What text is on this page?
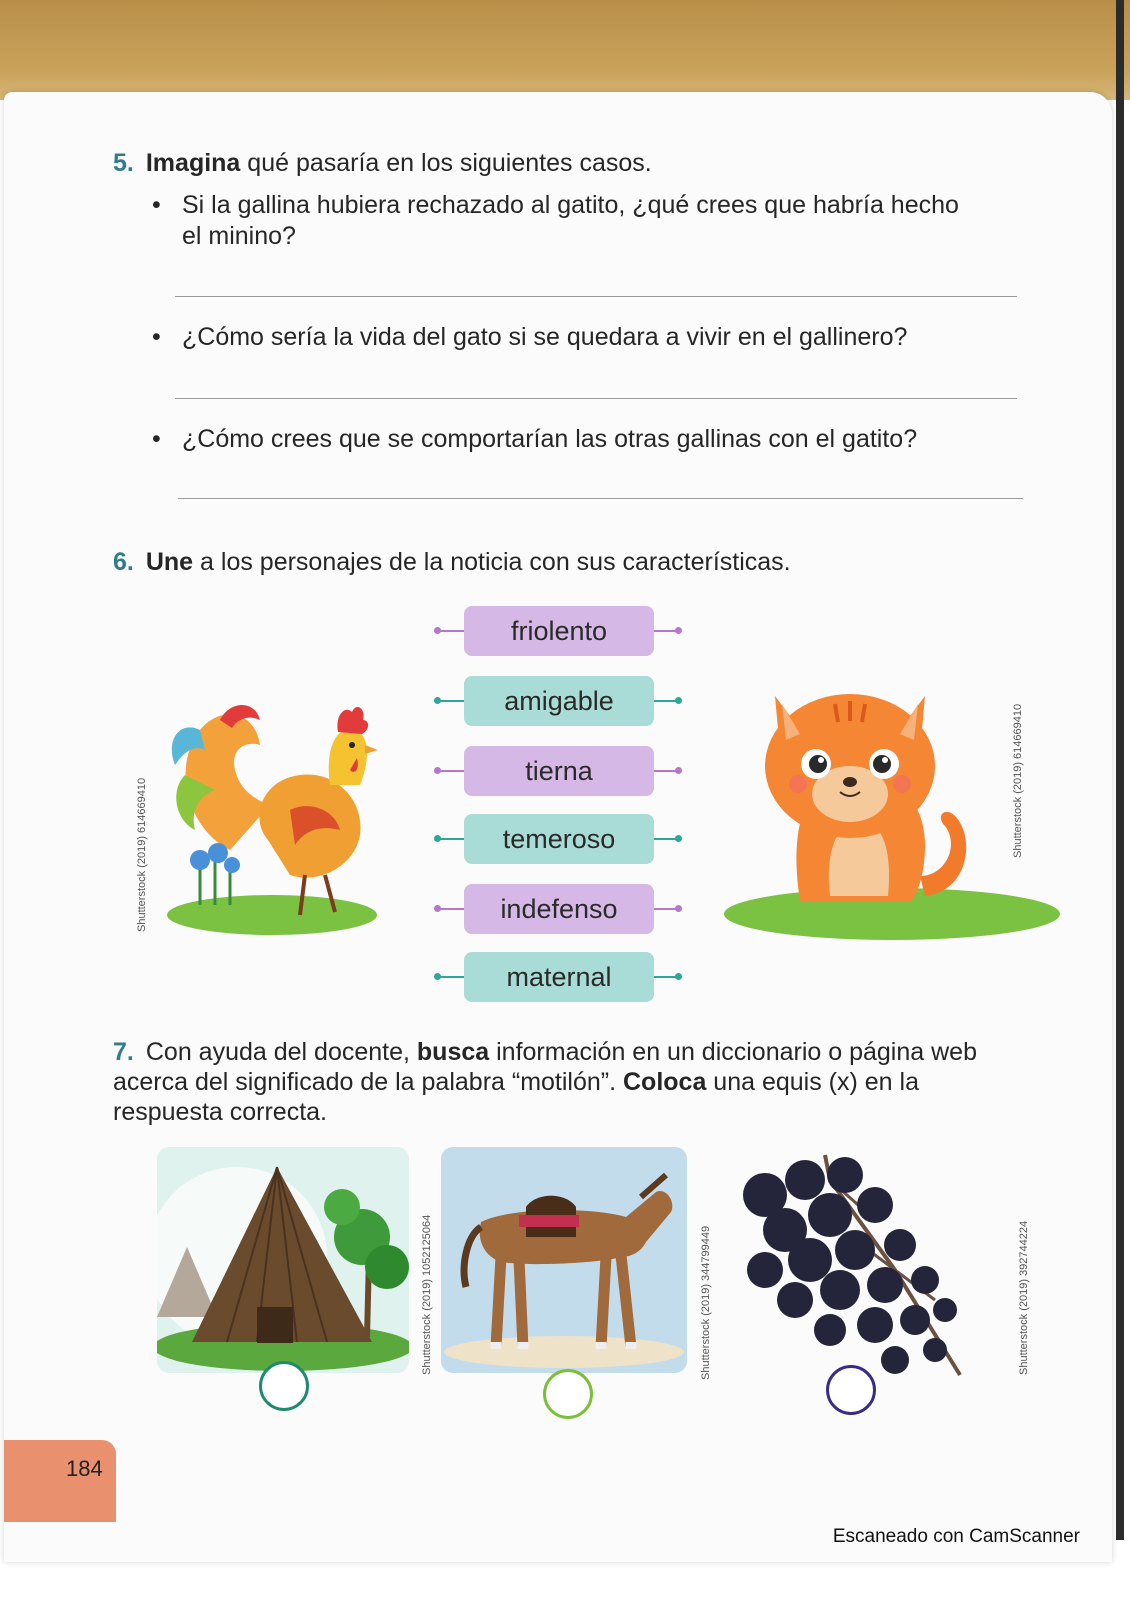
5. Imagina qué pasaría en los siguientes casos.
• Si la gallina hubiera rechazado al gatito, ¿qué crees que habría hecho el minino?
• ¿Cómo sería la vida del gato si se quedara a vivir en el gallinero?
• ¿Cómo crees que se comportarían las otras gallinas con el gatito?
6. Une a los personajes de la noticia con sus características.
friolento
amigable
tierna
temeroso
indefenso
maternal
Shutterstock (2019) 614669410	Shutterstock (2019) 614669410
7. Con ayuda del docente, busca información en un diccionario o página web acerca del significado de la palabra “motilón”. Coloca una equis (x) en la respuesta correcta.
Shutterstock (2019) 1052125064	Shutterstock (2019) 344799449	Shutterstock (2019) 392744224
184
Escaneado con CamScanner
